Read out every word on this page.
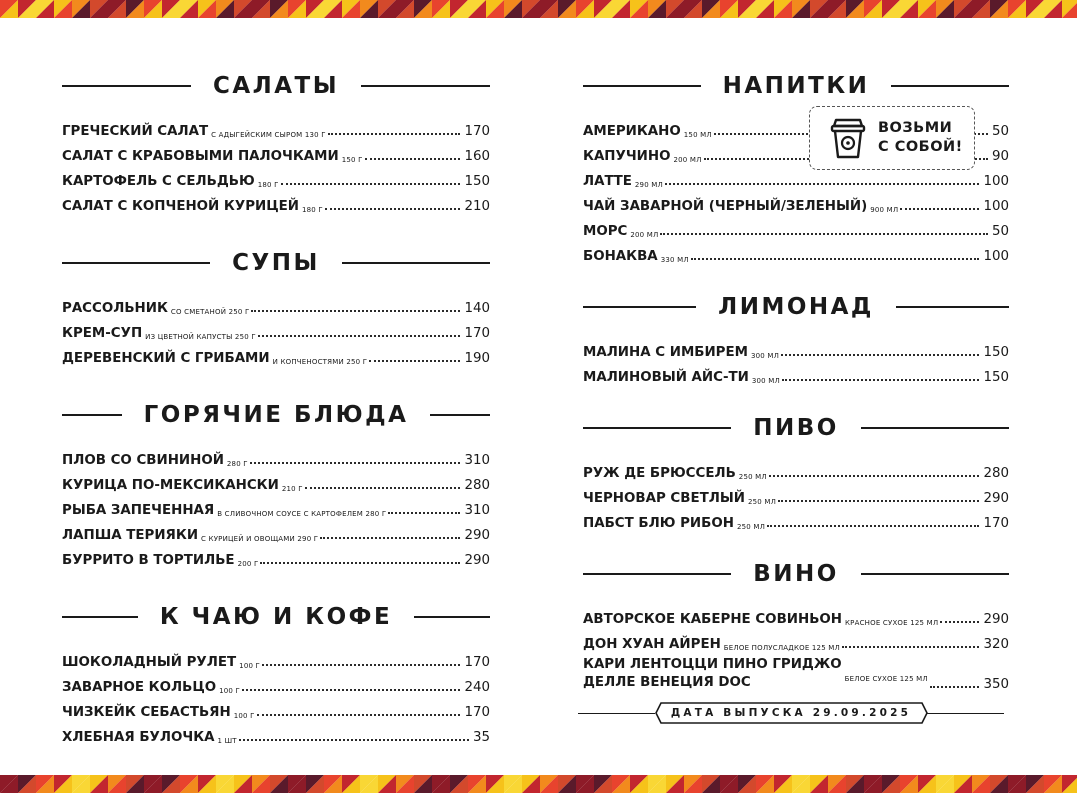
САЛАТЫ
ГРЕЧЕСКИЙ САЛАТ С АДЫГЕЙСКИМ СЫРОМ 130 Г	170
САЛАТ С КРАБОВЫМИ ПАЛОЧКАМИ 150 Г	160
КАРТОФЕЛЬ С СЕЛЬДЬЮ 180 Г	150
САЛАТ С КОПЧЕНОЙ КУРИЦЕЙ 180 Г	210
СУПЫ
РАССОЛЬНИК СО СМЕТАНОЙ 250 Г	140
КРЕМ-СУП ИЗ ЦВЕТНОЙ КАПУСТЫ 250 Г	170
ДЕРЕВЕНСКИЙ С ГРИБАМИ И КОПЧЕНОСТЯМИ 250 Г	190
ГОРЯЧИЕ БЛЮДА
ПЛОВ СО СВИНИНОЙ 280 Г	310
КУРИЦА ПО-МЕКСИКАНСКИ 210 Г	280
РЫБА ЗАПЕЧЕННАЯ В СЛИВОЧНОМ СОУСЕ С КАРТОФЕЛЕМ 280 Г	310
ЛАПША ТЕРИЯКИ С КУРИЦЕЙ И ОВОЩАМИ 290 Г	290
БУРРИТО В ТОРТИЛЬЕ 200 Г	290
К ЧАЮ И КОФЕ
ШОКОЛАДНЫЙ РУЛЕТ 100 Г	170
ЗАВАРНОЕ КОЛЬЦО 100 Г	240
ЧИЗКЕЙК СЕБАСТЬЯН 100 Г	170
ХЛЕБНАЯ БУЛОЧКА 1 ШТ	35
НАПИТКИ
АМЕРИКАНО 150 МЛ	50
КАПУЧИНО 200 МЛ	90
ЛАТТЕ 290 МЛ	100
ЧАЙ ЗАВАРНОЙ (ЧЕРНЫЙ/ЗЕЛЕНЫЙ) 900 МЛ	100
МОРС 200 МЛ	50
БОНАКВА 330 МЛ	100
ВОЗЬМИ
С СОБОЙ!
ЛИМОНАД
МАЛИНА С ИМБИРЕМ 300 МЛ	150
МАЛИНОВЫЙ АЙС-ТИ 300 МЛ	150
ПИВО
РУЖ ДЕ БРЮССЕЛЬ 250 МЛ	280
ЧЕРНОВАР СВЕТЛЫЙ 250 МЛ	290
ПАБСТ БЛЮ РИБОН 250 МЛ	170
ВИНО
АВТОРСКОЕ КАБЕРНЕ СОВИНЬОН КРАСНОЕ СУХОЕ 125 МЛ	290
ДОН ХУАН АЙРЕН БЕЛОЕ ПОЛУСЛАДКОЕ 125 МЛ	320
КАРИ ЛЕНТОЦЦИ ПИНО ГРИДЖО
ДЕЛЛЕ ВЕНЕЦИЯ DOC	БЕЛОЕ СУХОЕ 125 МЛ	350
ДАТА ВЫПУСКА 29.09.2025
